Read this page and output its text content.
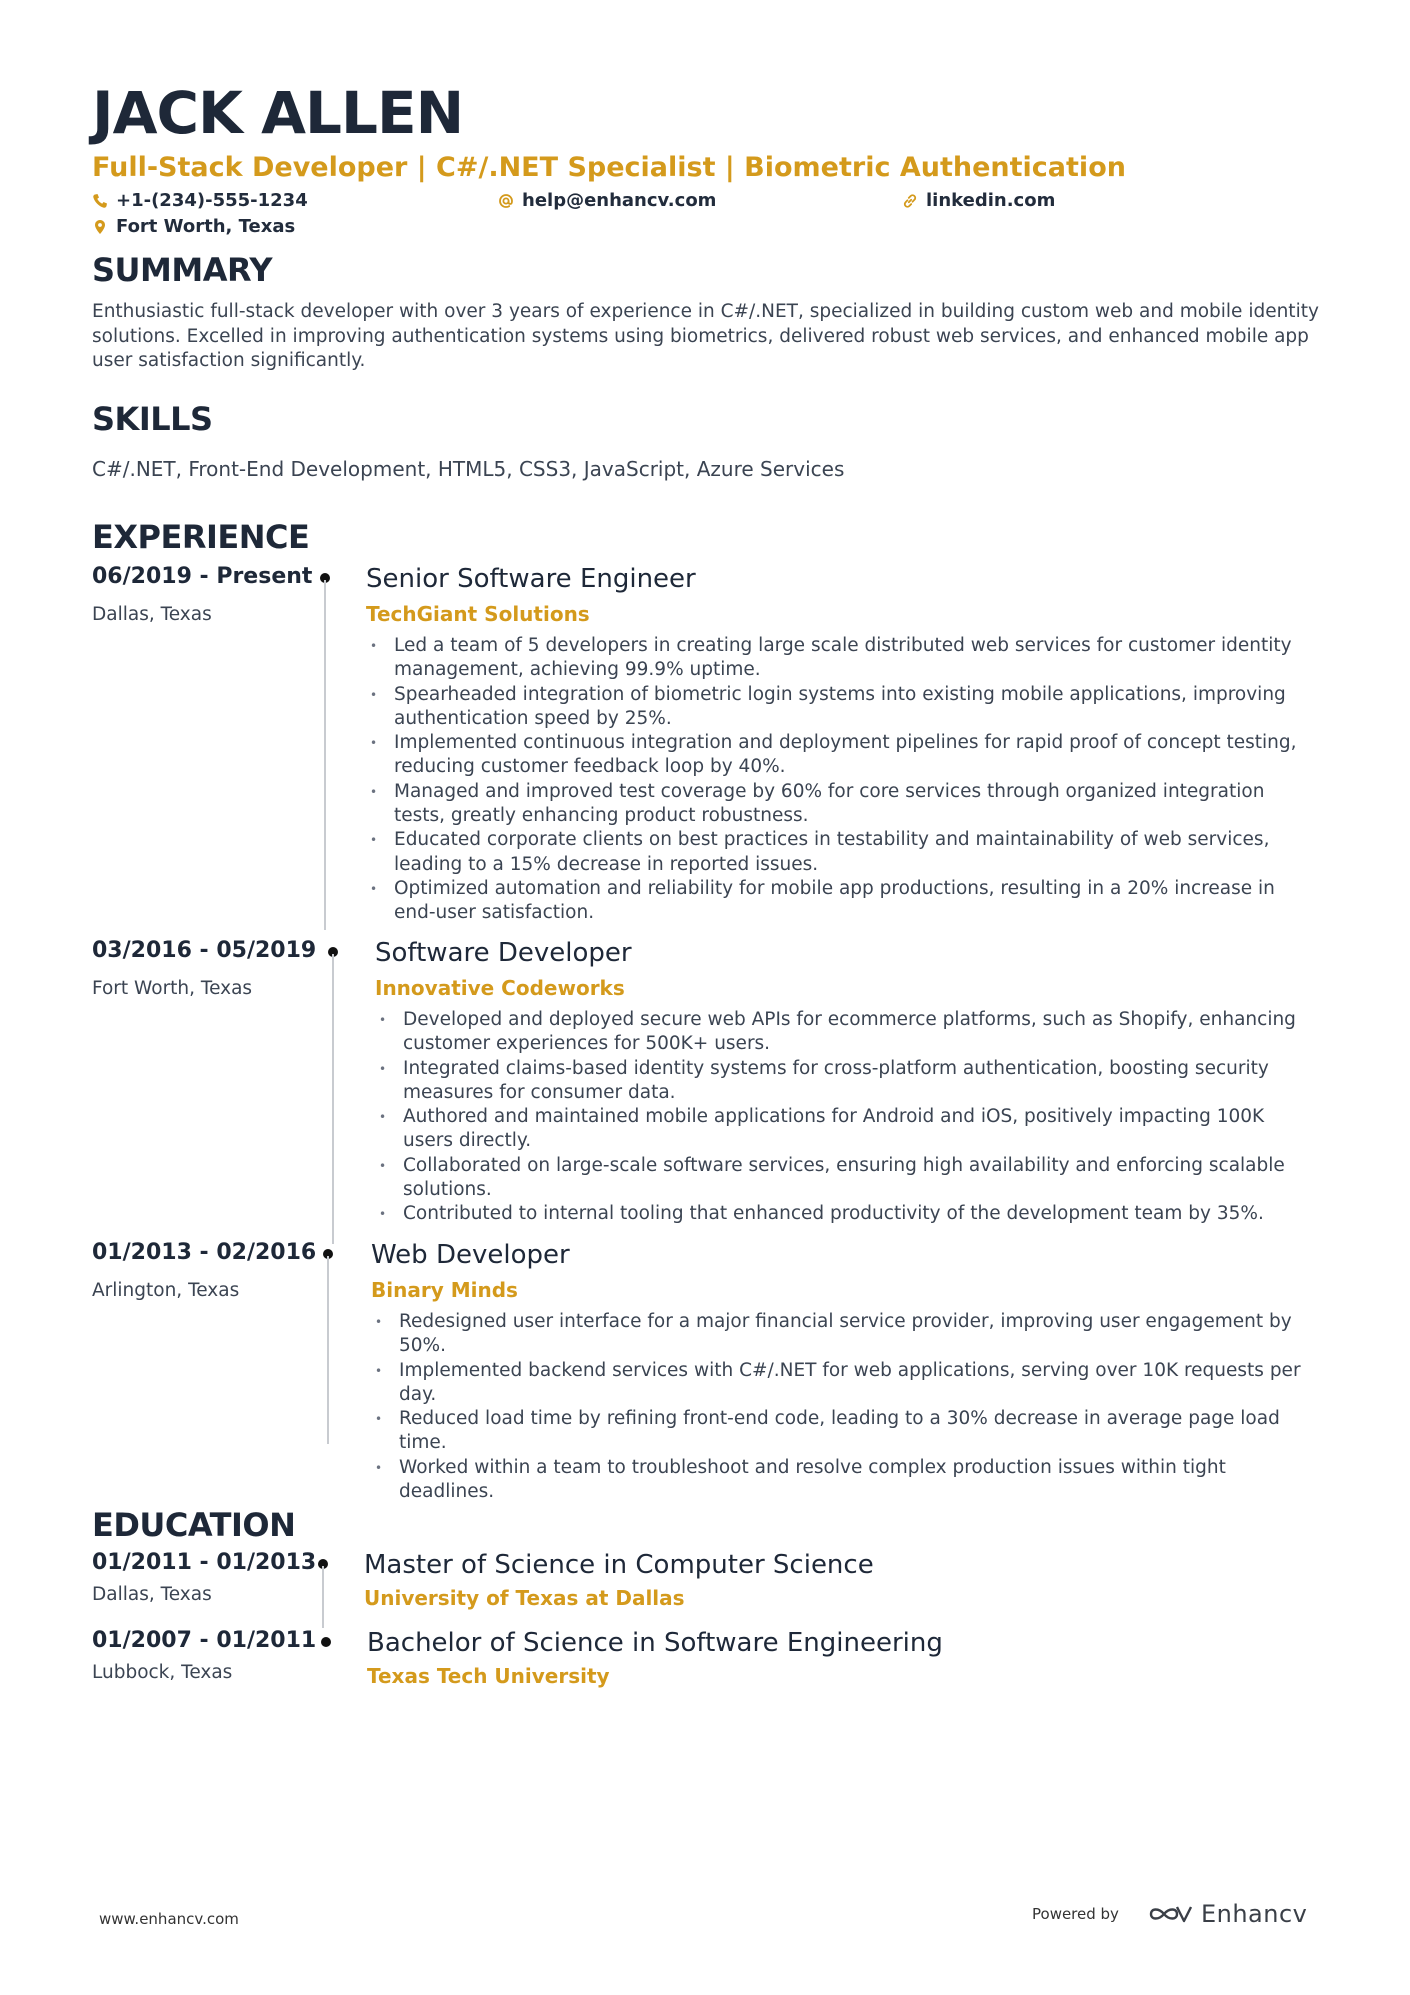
JACK ALLEN
Full-Stack Developer | C#/.NET Specialist | Biometric Authentication
+1-(234)-555-1234	help@enhancv.com	linkedin.com
Fort Worth, Texas
SUMMARY
Enthusiastic full-stack developer with over 3 years of experience in C#/.NET, specialized in building custom web and mobile identity solutions. Excelled in improving authentication systems using biometrics, delivered robust web services, and enhanced mobile app user satisfaction significantly.
SKILLS
C#/.NET, Front-End Development, HTML5, CSS3, JavaScript, Azure Services
EXPERIENCE
06/2019 - Present
Dallas, Texas
Senior Software Engineer
TechGiant Solutions
• Led a team of 5 developers in creating large scale distributed web services for customer identity management, achieving 99.9% uptime.
• Spearheaded integration of biometric login systems into existing mobile applications, improving authentication speed by 25%.
• Implemented continuous integration and deployment pipelines for rapid proof of concept testing, reducing customer feedback loop by 40%.
• Managed and improved test coverage by 60% for core services through organized integration tests, greatly enhancing product robustness.
• Educated corporate clients on best practices in testability and maintainability of web services, leading to a 15% decrease in reported issues.
• Optimized automation and reliability for mobile app productions, resulting in a 20% increase in end-user satisfaction.
03/2016 - 05/2019
Fort Worth, Texas
Software Developer
Innovative Codeworks
• Developed and deployed secure web APIs for ecommerce platforms, such as Shopify, enhancing customer experiences for 500K+ users.
• Integrated claims-based identity systems for cross-platform authentication, boosting security measures for consumer data.
• Authored and maintained mobile applications for Android and iOS, positively impacting 100K users directly.
• Collaborated on large-scale software services, ensuring high availability and enforcing scalable solutions.
• Contributed to internal tooling that enhanced productivity of the development team by 35%.
01/2013 - 02/2016
Arlington, Texas
Web Developer
Binary Minds
• Redesigned user interface for a major financial service provider, improving user engagement by 50%.
• Implemented backend services with C#/.NET for web applications, serving over 10K requests per day.
• Reduced load time by refining front-end code, leading to a 30% decrease in average page load time.
• Worked within a team to troubleshoot and resolve complex production issues within tight deadlines.
EDUCATION
01/2011 - 01/2013
Dallas, Texas
Master of Science in Computer Science
University of Texas at Dallas
01/2007 - 01/2011
Lubbock, Texas
Bachelor of Science in Software Engineering
Texas Tech University
www.enhancv.com	Powered by	Enhancv
